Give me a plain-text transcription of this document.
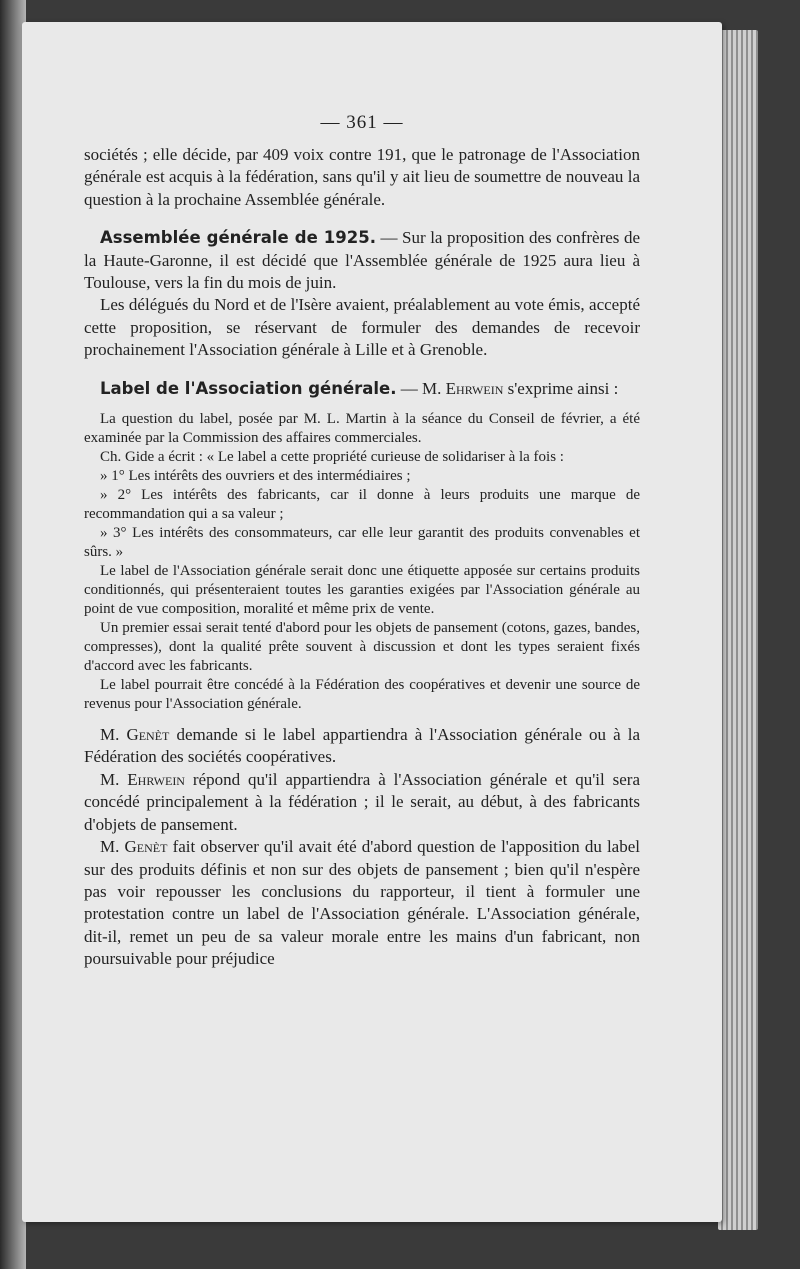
— 361 —

sociétés ; elle décide, par 409 voix contre 191, que le patronage de l'Association générale est acquis à la fédération, sans qu'il y ait lieu de soumettre de nouveau la question à la prochaine Assemblée générale.

Assemblée générale de 1925. — Sur la proposition des confrères de la Haute-Garonne, il est décidé que l'Assemblée générale de 1925 aura lieu à Toulouse, vers la fin du mois de juin.

Les délégués du Nord et de l'Isère avaient, préalablement au vote émis, accepté cette proposition, se réservant de formuler des demandes de recevoir prochainement l'Association générale à Lille et à Grenoble.

Label de l'Association générale. — M. Ehrwein s'exprime ainsi :

La question du label, posée par M. L. Martin à la séance du Conseil de février, a été examinée par la Commission des affaires commerciales.

Ch. Gide a écrit : « Le label a cette propriété curieuse de solidariser à la fois :

» 1° Les intérêts des ouvriers et des intermédiaires ;

» 2° Les intérêts des fabricants, car il donne à leurs produits une marque de recommandation qui a sa valeur ;

» 3° Les intérêts des consommateurs, car elle leur garantit des produits convenables et sûrs. »

Le label de l'Association générale serait donc une étiquette apposée sur certains produits conditionnés, qui présenteraient toutes les garanties exigées par l'Association générale au point de vue composition, moralité et même prix de vente.

Un premier essai serait tenté d'abord pour les objets de pansement (cotons, gazes, bandes, compresses), dont la qualité prête souvent à discussion et dont les types seraient fixés d'accord avec les fabricants.

Le label pourrait être concédé à la Fédération des coopératives et devenir une source de revenus pour l'Association générale.

M. Genèt demande si le label appartiendra à l'Association générale ou à la Fédération des sociétés coopératives.

M. Ehrwein répond qu'il appartiendra à l'Association générale et qu'il sera concédé principalement à la fédération ; il le serait, au début, à des fabricants d'objets de pansement.

M. Genèt fait observer qu'il avait été d'abord question de l'apposition du label sur des produits définis et non sur des objets de pansement ; bien qu'il n'espère pas voir repousser les conclusions du rapporteur, il tient à formuler une protestation contre un label de l'Association générale. L'Association générale, dit-il, remet un peu de sa valeur morale entre les mains d'un fabricant, non poursuivable pour préjudice
